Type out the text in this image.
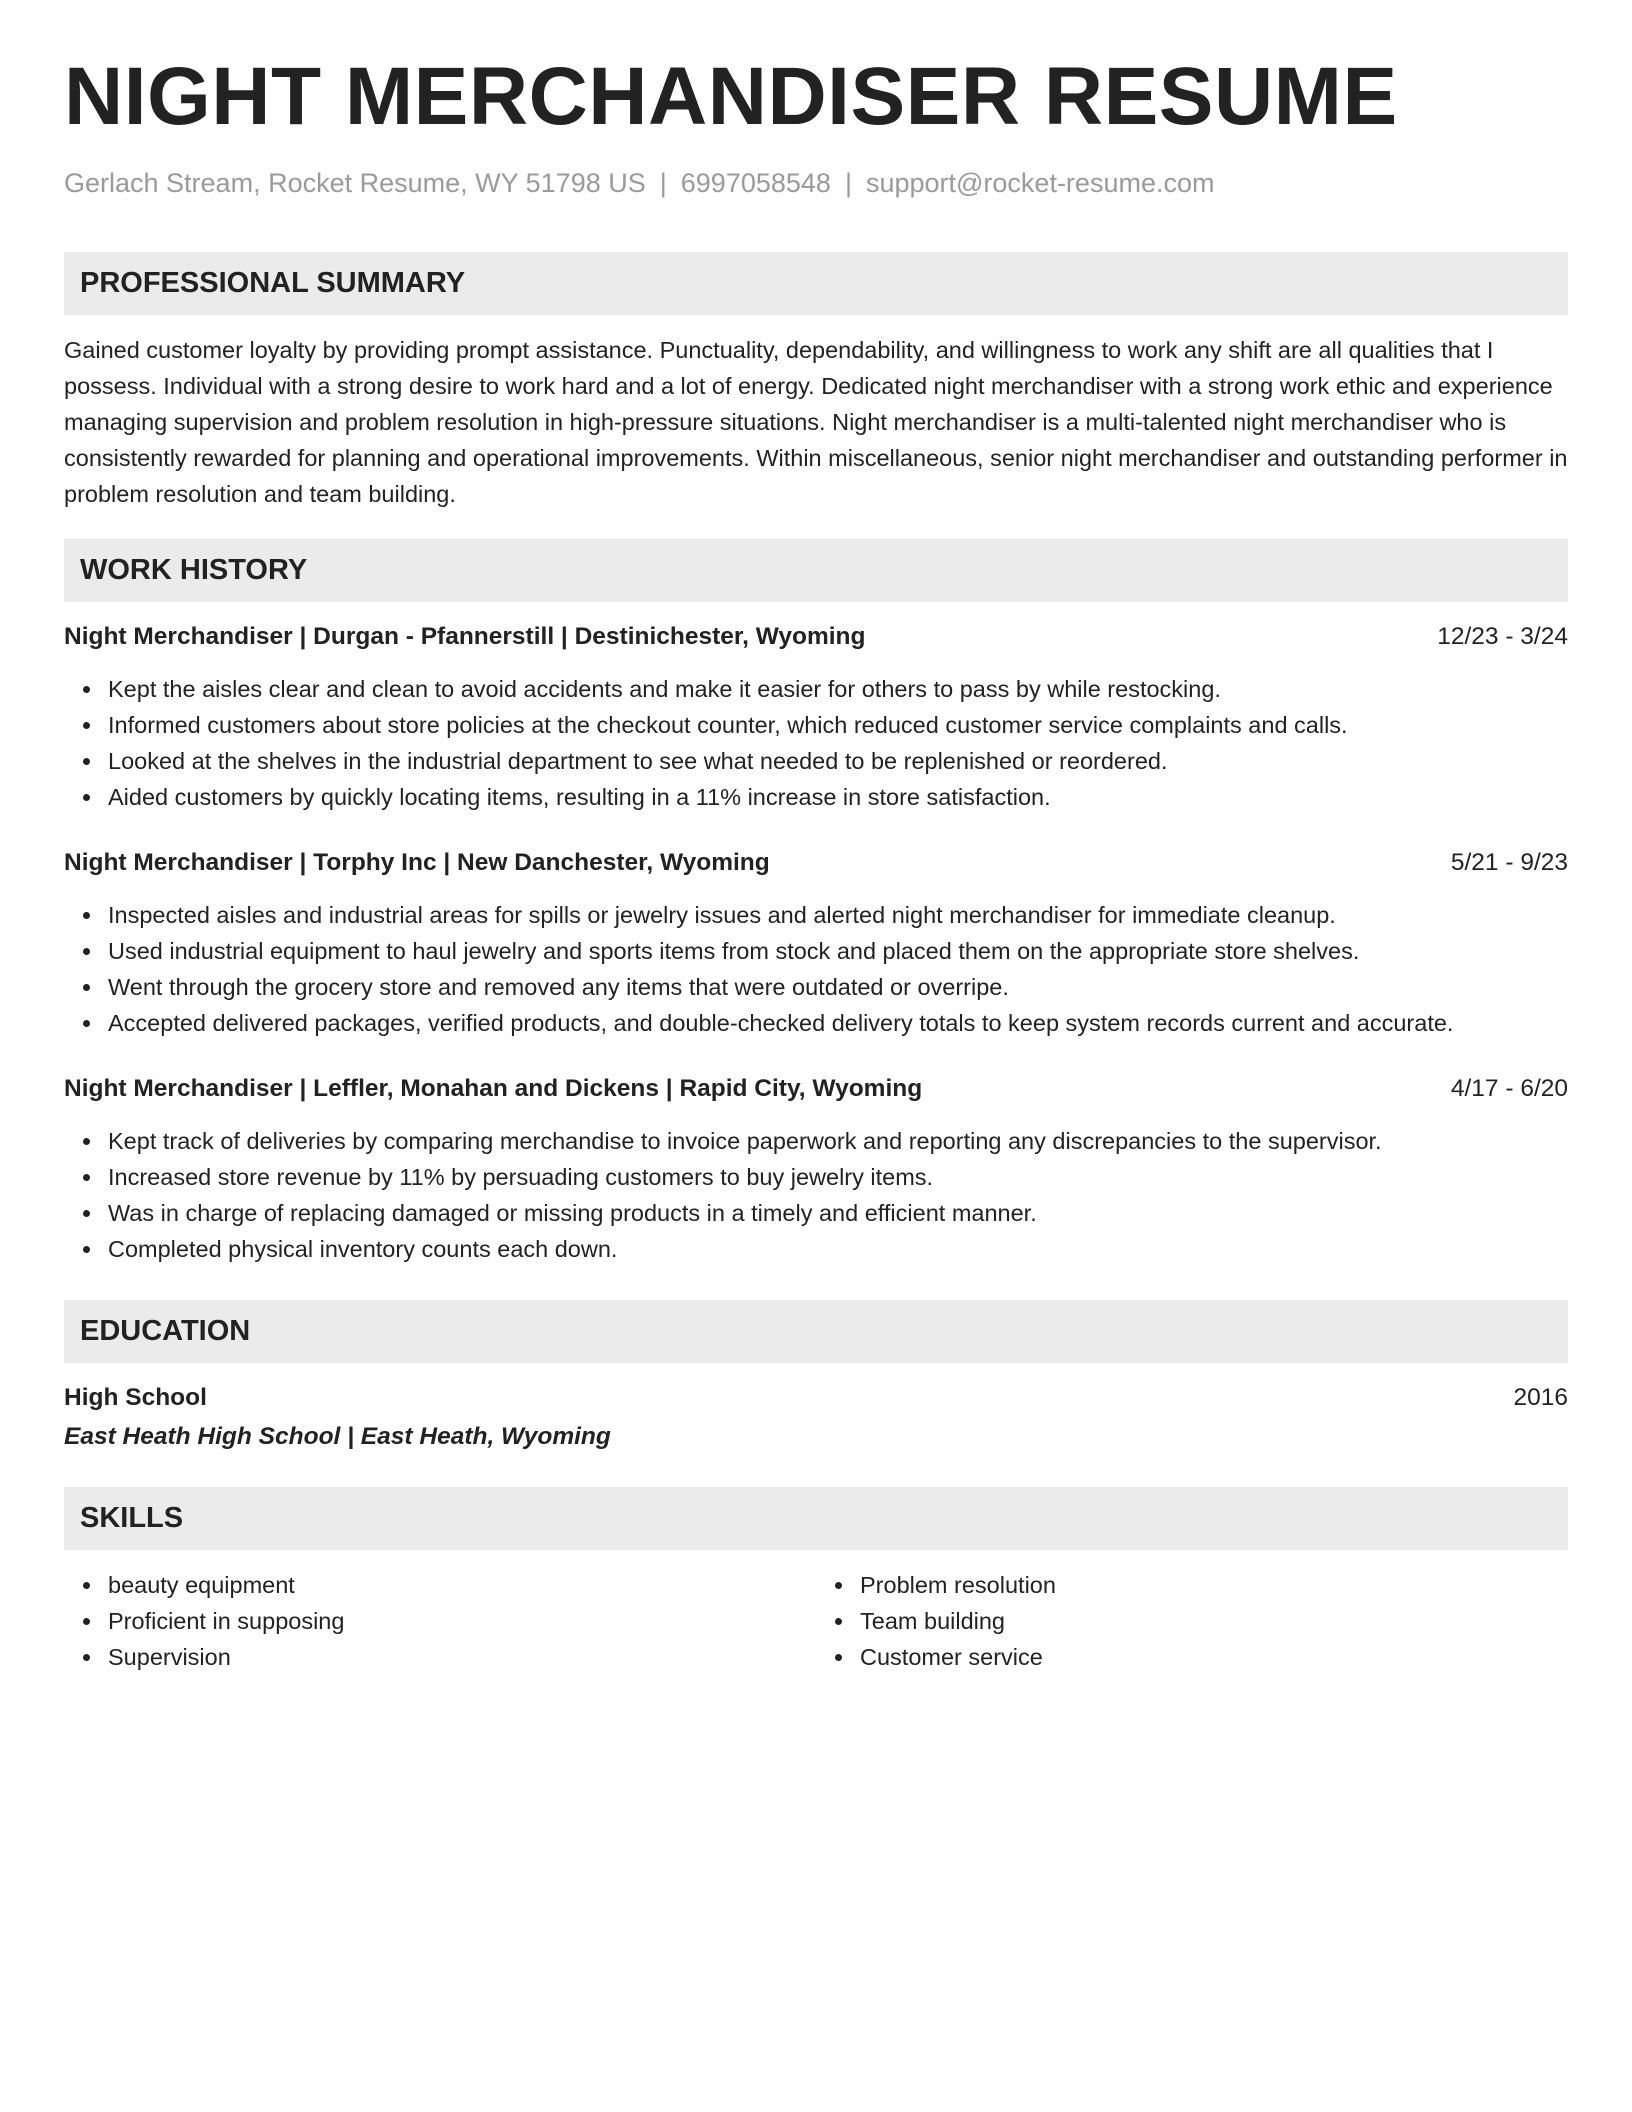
NIGHT MERCHANDISER RESUME
Gerlach Stream, Rocket Resume, WY 51798 US | 6997058548 | support@rocket-resume.com
PROFESSIONAL SUMMARY
Gained customer loyalty by providing prompt assistance. Punctuality, dependability, and willingness to work any shift are all qualities that I possess. Individual with a strong desire to work hard and a lot of energy. Dedicated night merchandiser with a strong work ethic and experience managing supervision and problem resolution in high-pressure situations. Night merchandiser is a multi-talented night merchandiser who is consistently rewarded for planning and operational improvements. Within miscellaneous, senior night merchandiser and outstanding performer in problem resolution and team building.
WORK HISTORY
Night Merchandiser | Durgan - Pfannerstill | Destinichester, Wyoming	12/23 - 3/24
Kept the aisles clear and clean to avoid accidents and make it easier for others to pass by while restocking.
Informed customers about store policies at the checkout counter, which reduced customer service complaints and calls.
Looked at the shelves in the industrial department to see what needed to be replenished or reordered.
Aided customers by quickly locating items, resulting in a 11% increase in store satisfaction.
Night Merchandiser | Torphy Inc | New Danchester, Wyoming	5/21 - 9/23
Inspected aisles and industrial areas for spills or jewelry issues and alerted night merchandiser for immediate cleanup.
Used industrial equipment to haul jewelry and sports items from stock and placed them on the appropriate store shelves.
Went through the grocery store and removed any items that were outdated or overripe.
Accepted delivered packages, verified products, and double-checked delivery totals to keep system records current and accurate.
Night Merchandiser | Leffler, Monahan and Dickens | Rapid City, Wyoming	4/17 - 6/20
Kept track of deliveries by comparing merchandise to invoice paperwork and reporting any discrepancies to the supervisor.
Increased store revenue by 11% by persuading customers to buy jewelry items.
Was in charge of replacing damaged or missing products in a timely and efficient manner.
Completed physical inventory counts each down.
EDUCATION
High School	2016
East Heath High School | East Heath, Wyoming
SKILLS
beauty equipment
Proficient in supposing
Supervision
Problem resolution
Team building
Customer service
